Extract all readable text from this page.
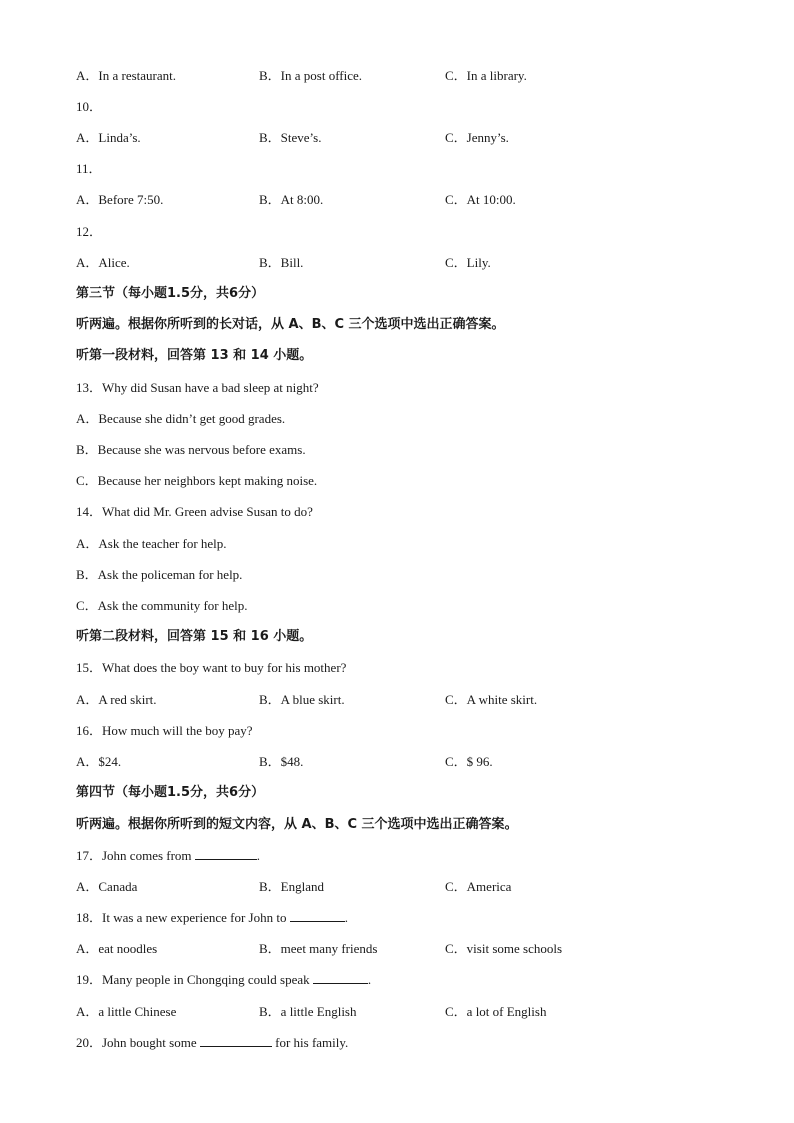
A．In a restaurant.	B．In a post office.	C．In a library.
10．
A．Linda’s.	B．Steve’s.	C．Jenny’s.
11．
A．Before 7:50.	B．At 8:00.	C．At 10:00.
12．
A．Alice.	B．Bill.	C．Lily.
第三节（每小题1.5分，共6分）
听两遍。根据你所听到的长对话，从 A、B、C 三个选项中选出正确答案。
听第一段材料，回答第 13 和 14 小题。
13．Why did Susan have a bad sleep at night?
A．Because she didn’t get good grades.
B．Because she was nervous before exams.
C．Because her neighbors kept making noise.
14．What did Mr. Green advise Susan to do?
A．Ask the teacher for help.
B．Ask the policeman for help.
C．Ask the community for help.
听第二段材料，回答第 15 和 16 小题。
15．What does the boy want to buy for his mother?
A．A red skirt.	B．A blue skirt.	C．A white skirt.
16．How much will the boy pay?
A．$24.	B．$48.	C．$ 96.
第四节（每小题1.5分，共6分）
听两遍。根据你所听到的短文内容，从 A、B、C 三个选项中选出正确答案。
17．John comes from	.
A．Canada	B．England	C．America
18．It was a new experience for John to	.
A．eat noodles	B．meet many friends	C．visit some schools
19．Many people in Chongqing could speak	.
A．a little Chinese	B．a little English	C．a lot of English
20．John bought some	for his family.
